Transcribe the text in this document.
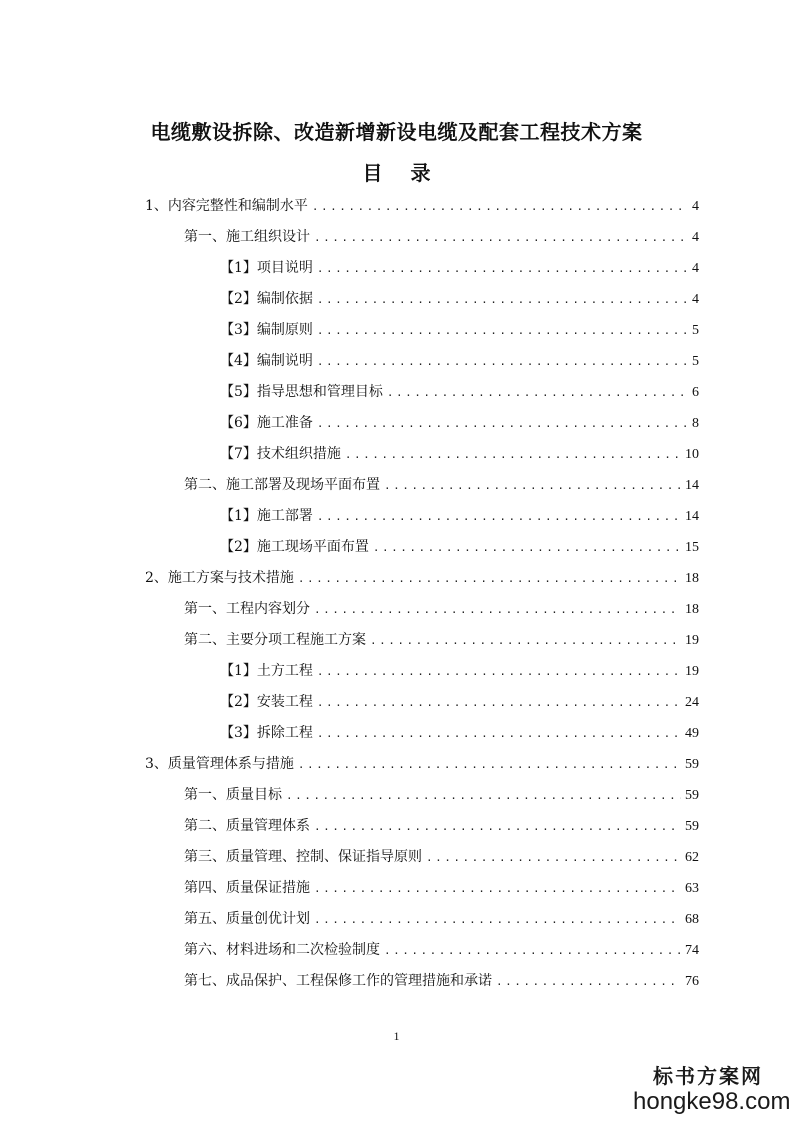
电缆敷设拆除、改造新增新设电缆及配套工程技术方案
目 录
1、内容完整性和编制水平 .....	4
第一、施工组织设计 .....	4
【1】项目说明 .....	4
【2】编制依据 .....	4
【3】编制原则 .....	5
【4】编制说明 .....	5
【5】指导思想和管理目标 .....	6
【6】施工准备 .....	8
【7】技术组织措施 .....	10
第二、施工部署及现场平面布置 .....	14
【1】施工部署 .....	14
【2】施工现场平面布置 .....	15
2、施工方案与技术措施 .....	18
第一、工程内容划分 .....	18
第二、主要分项工程施工方案 .....	19
【1】土方工程 .....	19
【2】安装工程 .....	24
【3】拆除工程 .....	49
3、质量管理体系与措施 .....	59
第一、质量目标 .....	59
第二、质量管理体系 .....	59
第三、质量管理、控制、保证指导原则 .....	62
第四、质量保证措施 .....	63
第五、质量创优计划 .....	68
第六、材料进场和二次检验制度 .....	74
第七、成品保护、工程保修工作的管理措施和承诺 .....	76
1
标书方案网
hongke98.com
